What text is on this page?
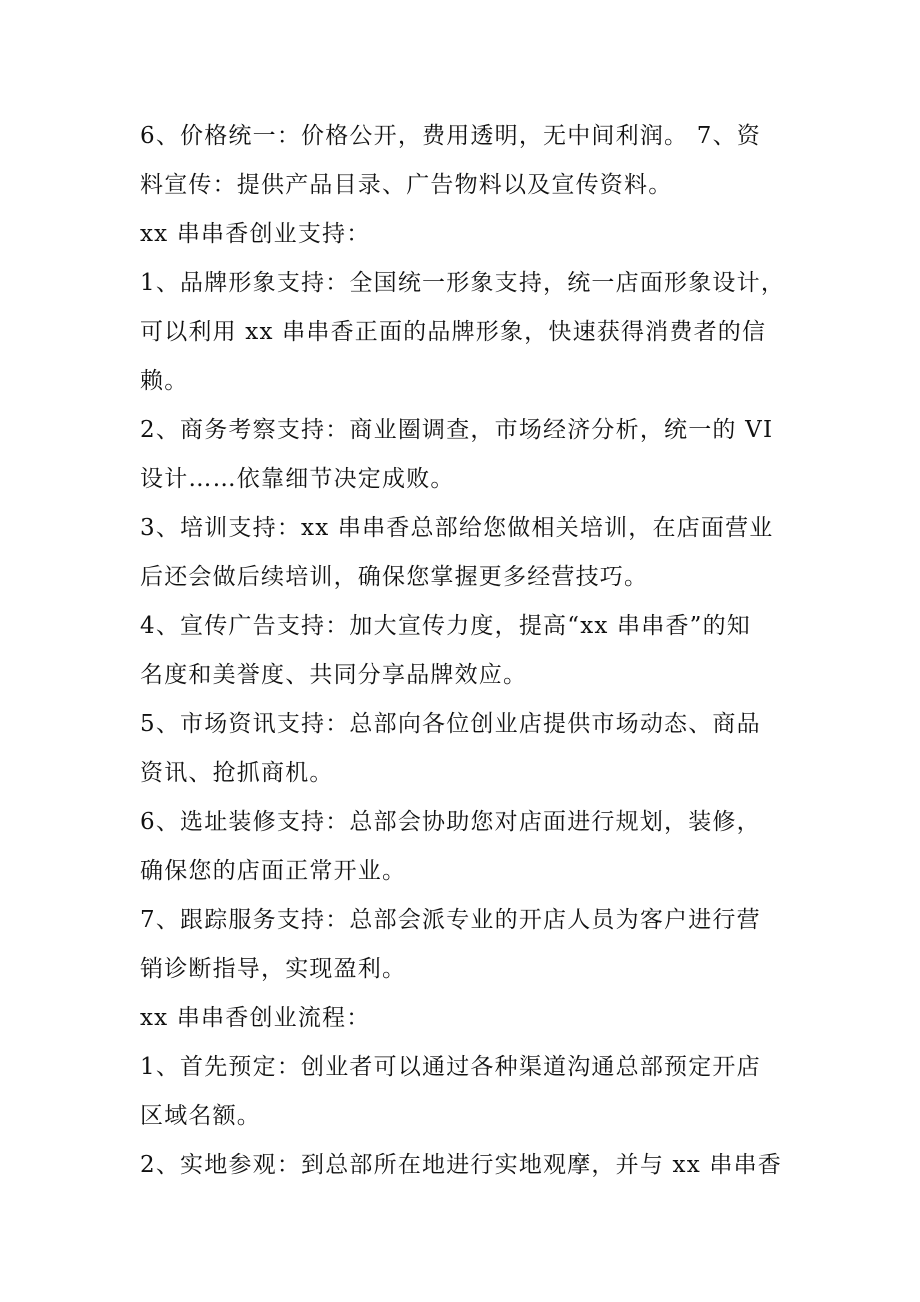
6、价格统一：价格公开，费用透明，无中间利润。 7、资
料宣传：提供产品目录、广告物料以及宣传资料。
xx 串串香创业支持：
1、品牌形象支持：全国统一形象支持，统一店面形象设计，
可以利用 xx 串串香正面的品牌形象，快速获得消费者的信
赖。
2、商务考察支持：商业圈调查，市场经济分析，统一的 VI
设计……依靠细节决定成败。
3、培训支持：xx 串串香总部给您做相关培训，在店面营业
后还会做后续培训，确保您掌握更多经营技巧。
4、宣传广告支持：加大宣传力度，提高“xx 串串香”的知
名度和美誉度、共同分享品牌效应。
5、市场资讯支持：总部向各位创业店提供市场动态、商品
资讯、抢抓商机。
6、选址装修支持：总部会协助您对店面进行规划，装修，
确保您的店面正常开业。
7、跟踪服务支持：总部会派专业的开店人员为客户进行营
销诊断指导，实现盈利。
xx 串串香创业流程：
1、首先预定：创业者可以通过各种渠道沟通总部预定开店
区域名额。
2、实地参观：到总部所在地进行实地观摩，并与 xx 串串香
